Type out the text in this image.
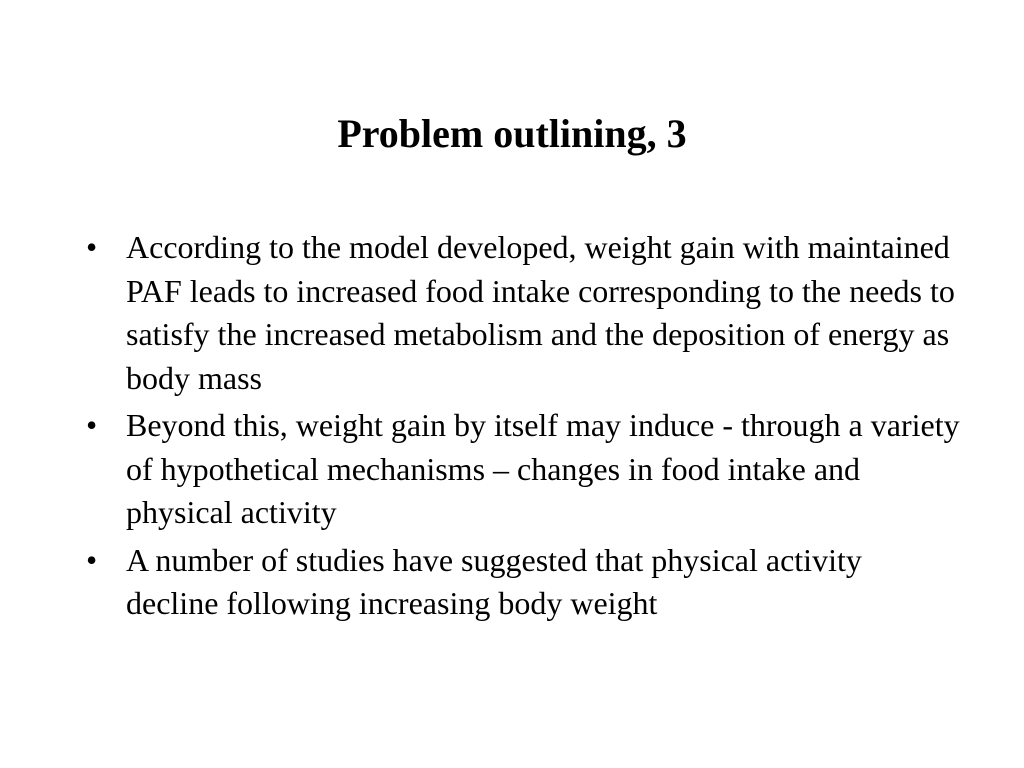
Problem outlining, 3
• According to the model developed, weight gain with maintained PAF leads to increased food intake corresponding to the needs to satisfy the increased metabolism and the deposition of energy as body mass
• Beyond this, weight gain by itself may induce - through a variety of hypothetical mechanisms – changes in food intake and physical activity
• A number of studies have suggested that physical activity decline following increasing body weight
